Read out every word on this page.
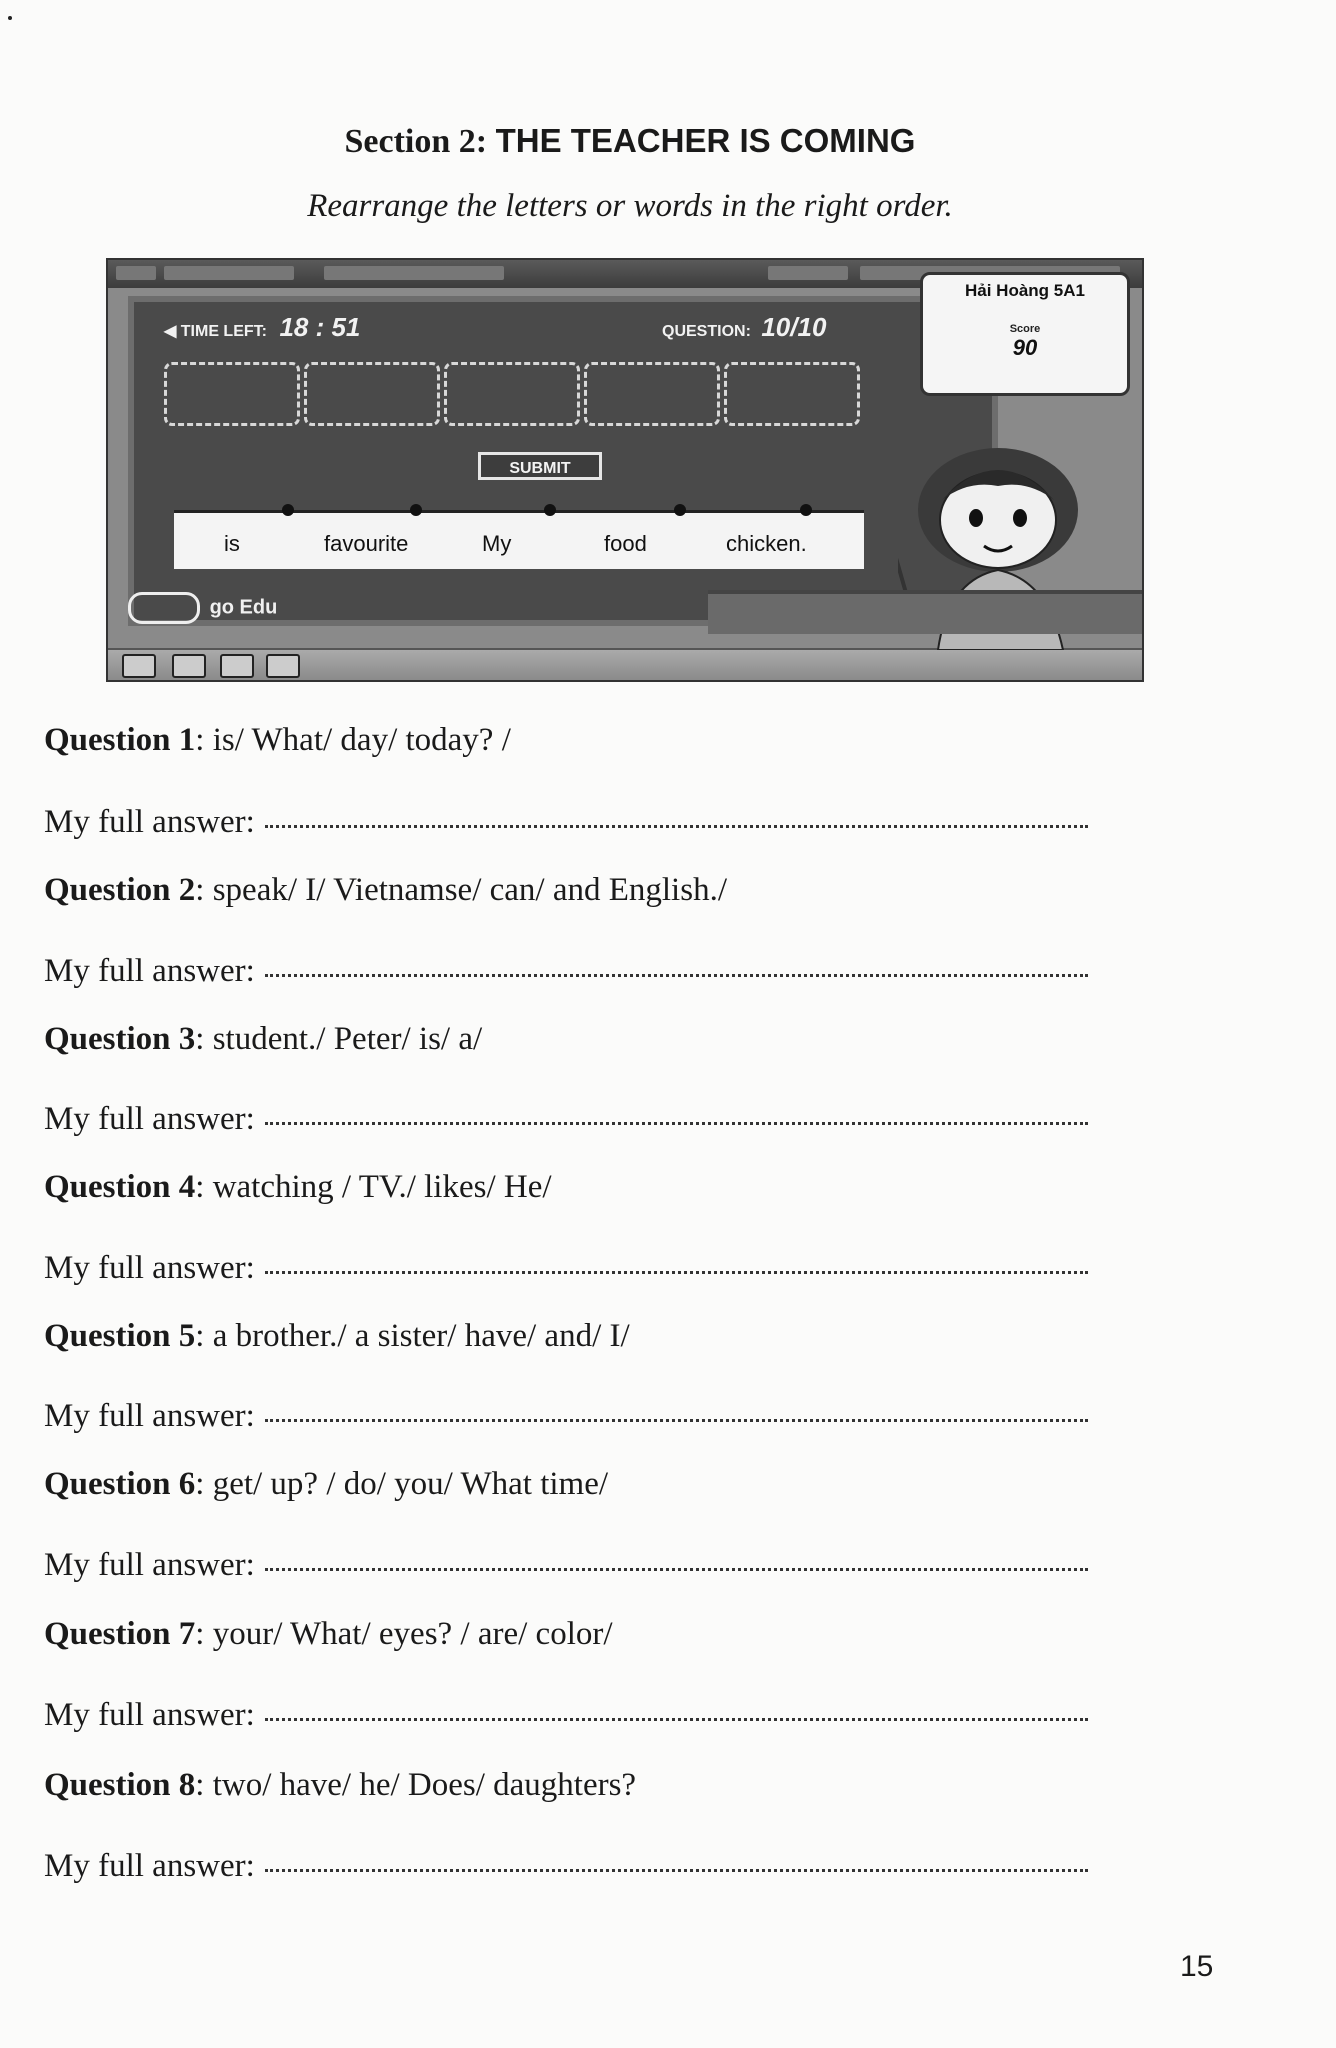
Section 2: THE TEACHER IS COMING
Rearrange the letters or words in the right order.
◀ TIME LEFT: 18 : 51	QUESTION: 10/10
SUBMIT
is	favourite	My	food	chicken.
Hải Hoàng 5A1
Score
90
go Edu
Question 1: is/ What/ day/ today? /
My full answer:
Question 2: speak/ I/ Vietnamse/ can/ and English./
My full answer:
Question 3: student./ Peter/ is/ a/
My full answer:
Question 4: watching / TV./ likes/ He/
My full answer:
Question 5: a brother./ a sister/ have/ and/ I/
My full answer:
Question 6: get/ up? / do/ you/ What time/
My full answer:
Question 7: your/ What/ eyes? / are/ color/
My full answer:
Question 8: two/ have/ he/ Does/ daughters?
My full answer:
15
